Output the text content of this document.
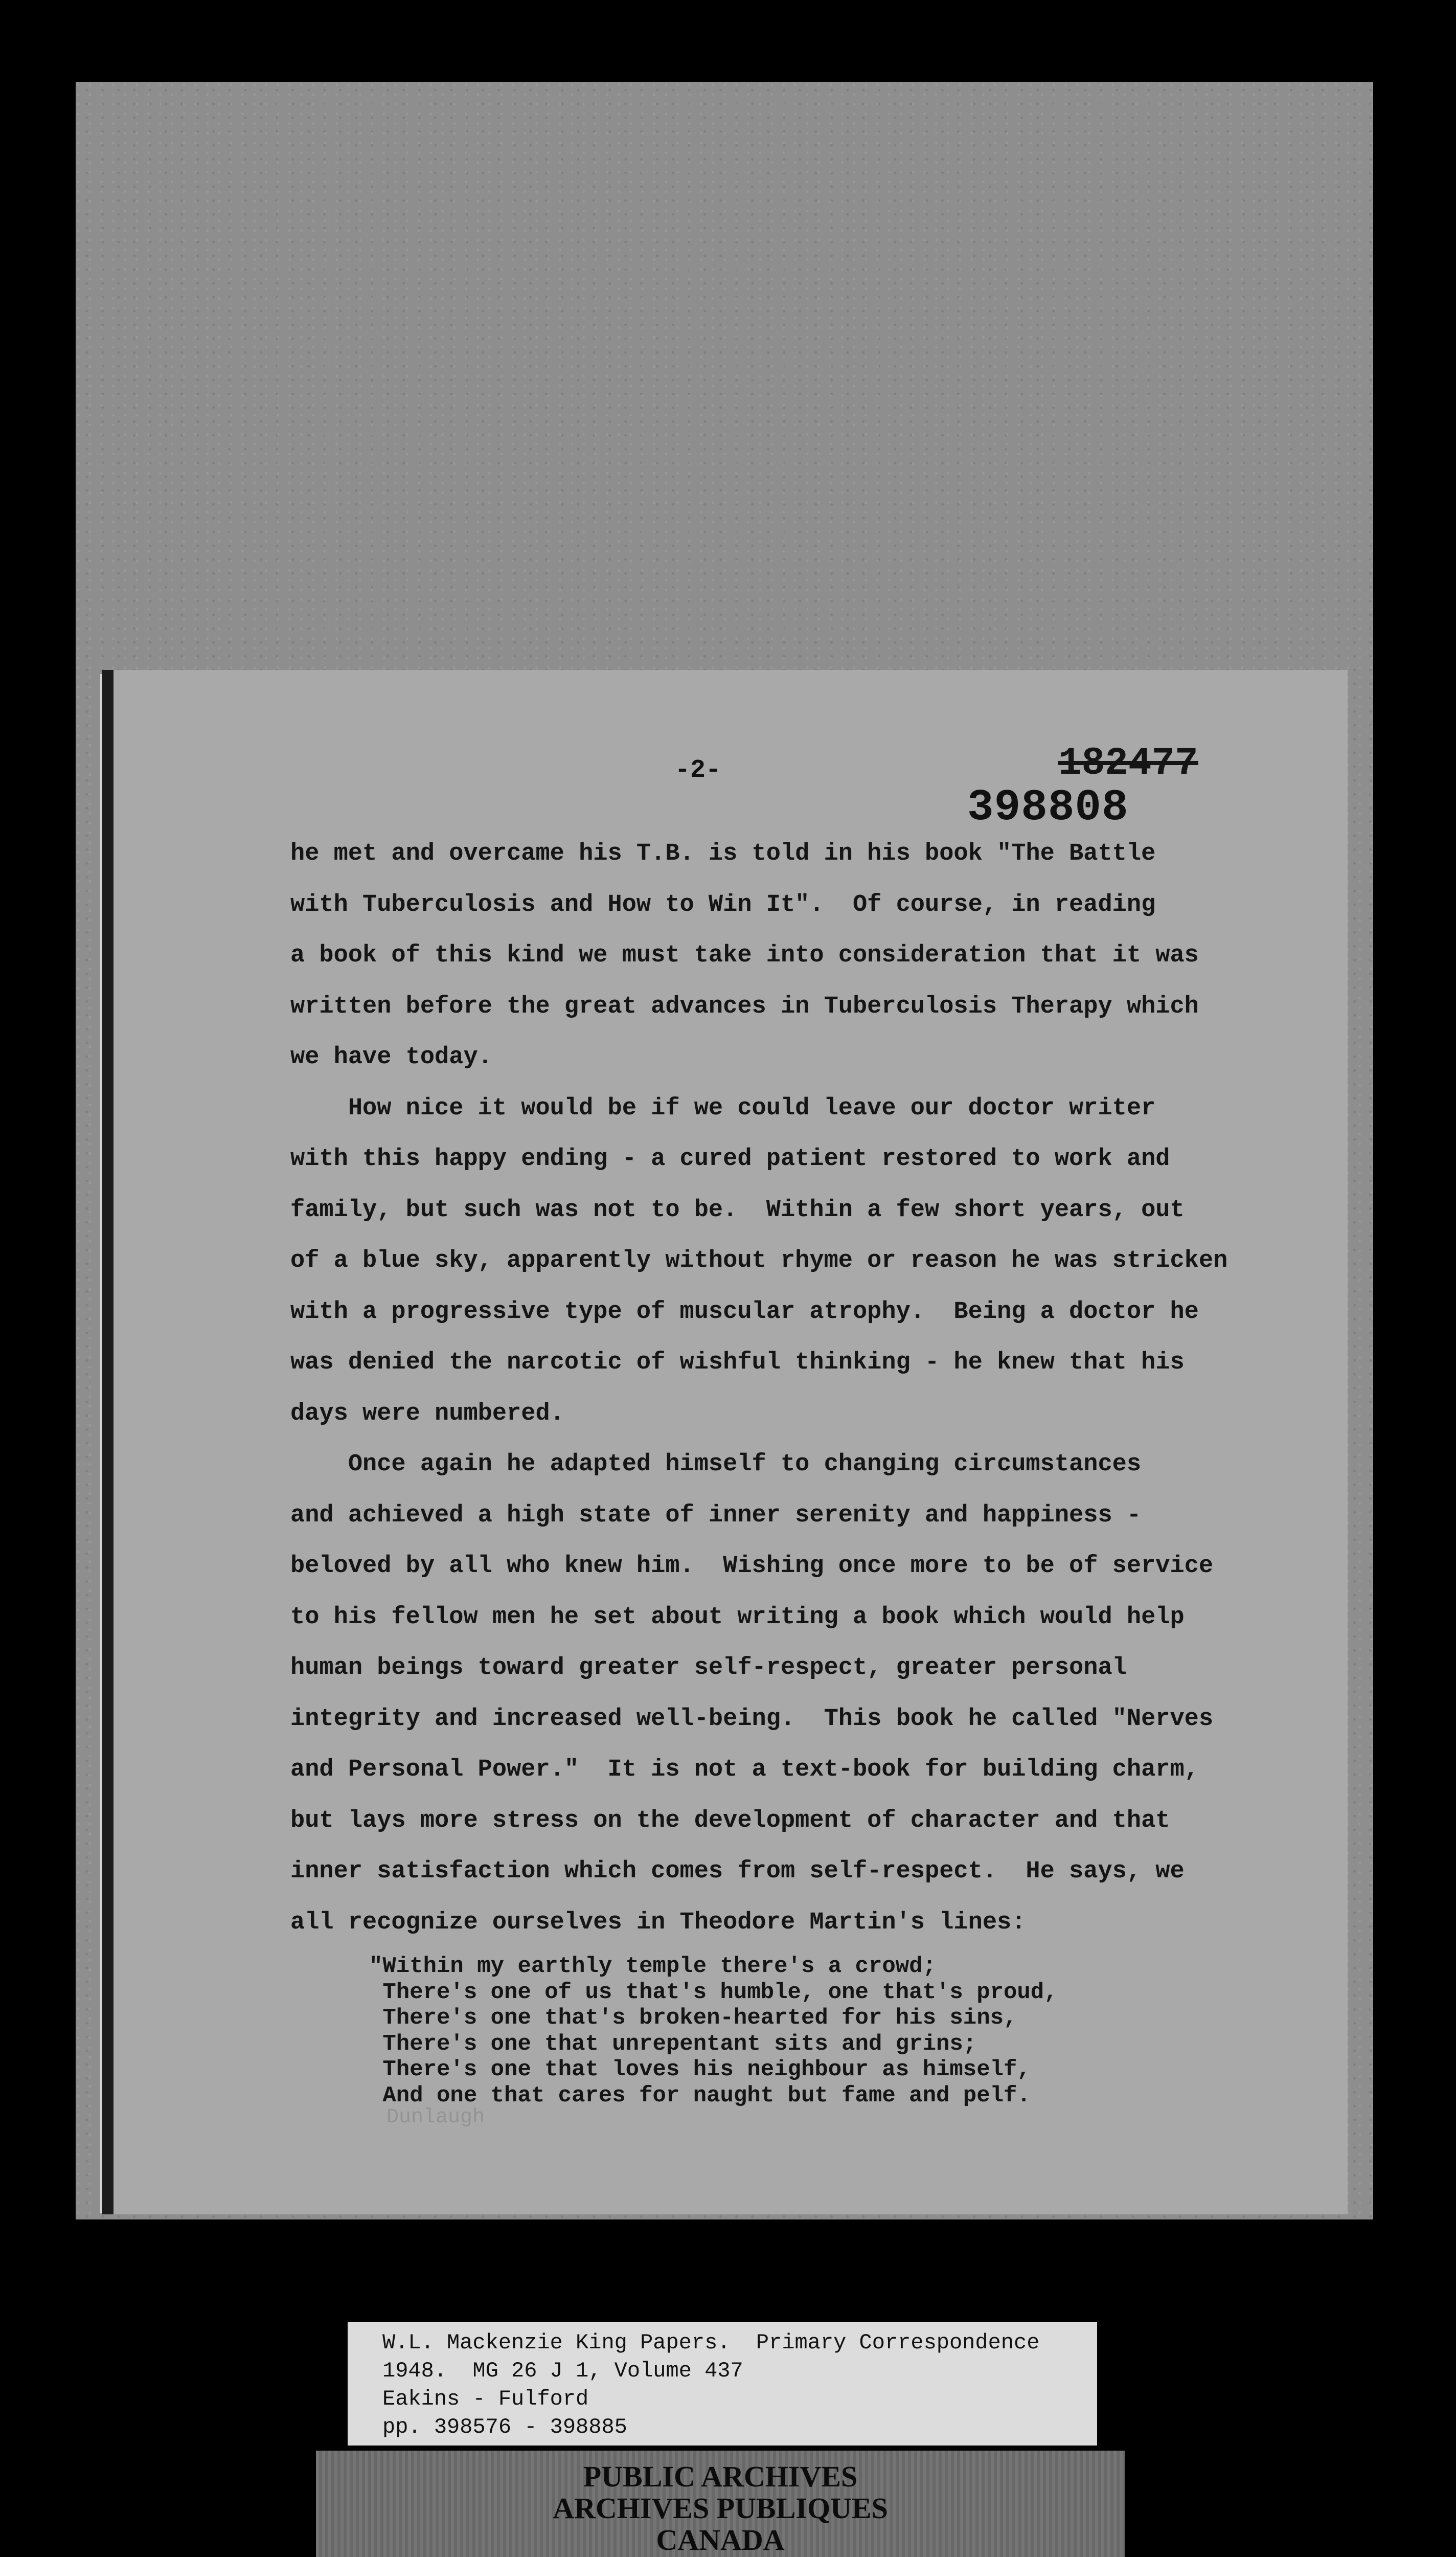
-2-	182477
398808

he met and overcame his T.B. is told in his book "The Battle

with Tuberculosis and How to Win It".  Of course, in reading

a book of this kind we must take into consideration that it was

written before the great advances in Tuberculosis Therapy which

we have today.

How nice it would be if we could leave our doctor writer

with this happy ending - a cured patient restored to work and

family, but such was not to be.  Within a few short years, out

of a blue sky, apparently without rhyme or reason he was stricken

with a progressive type of muscular atrophy.  Being a doctor he

was denied the narcotic of wishful thinking - he knew that his

days were numbered.

Once again he adapted himself to changing circumstances

and achieved a high state of inner serenity and happiness -

beloved by all who knew him.  Wishing once more to be of service

to his fellow men he set about writing a book which would help

human beings toward greater self-respect, greater personal

integrity and increased well-being.  This book he called "Nerves

and Personal Power."  It is not a text-book for building charm,

but lays more stress on the development of character and that

inner satisfaction which comes from self-respect.  He says, we

all recognize ourselves in Theodore Martin's lines:

"Within my earthly temple there's a crowd;

There's one of us that's humble, one that's proud,

There's one that's broken-hearted for his sins,

There's one that unrepentant sits and grins;

There's one that loves his neighbour as himself,

And one that cares for naught but fame and pelf.

Dunlaugh

W.L. Mackenzie King Papers.  Primary Correspondence

1948.  MG 26 J 1, Volume 437

Eakins - Fulford

pp. 398576 - 398885

PUBLIC ARCHIVES

ARCHIVES PUBLIQUES

CANADA
